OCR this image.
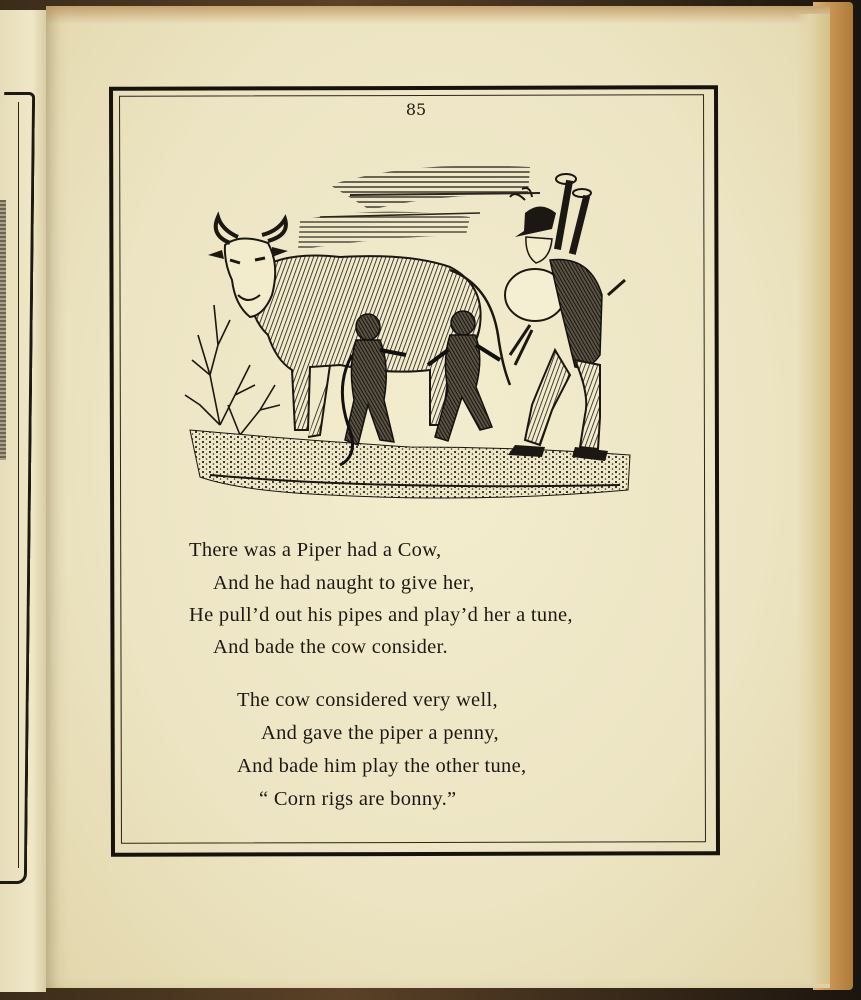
85
There was a Piper had a Cow,
And he had naught to give her,
He pull’d out his pipes and play’d her a tune,
And bade the cow consider.
The cow considered very well,
And gave the piper a penny,
And bade him play the other tune,
“ Corn rigs are bonny.”
